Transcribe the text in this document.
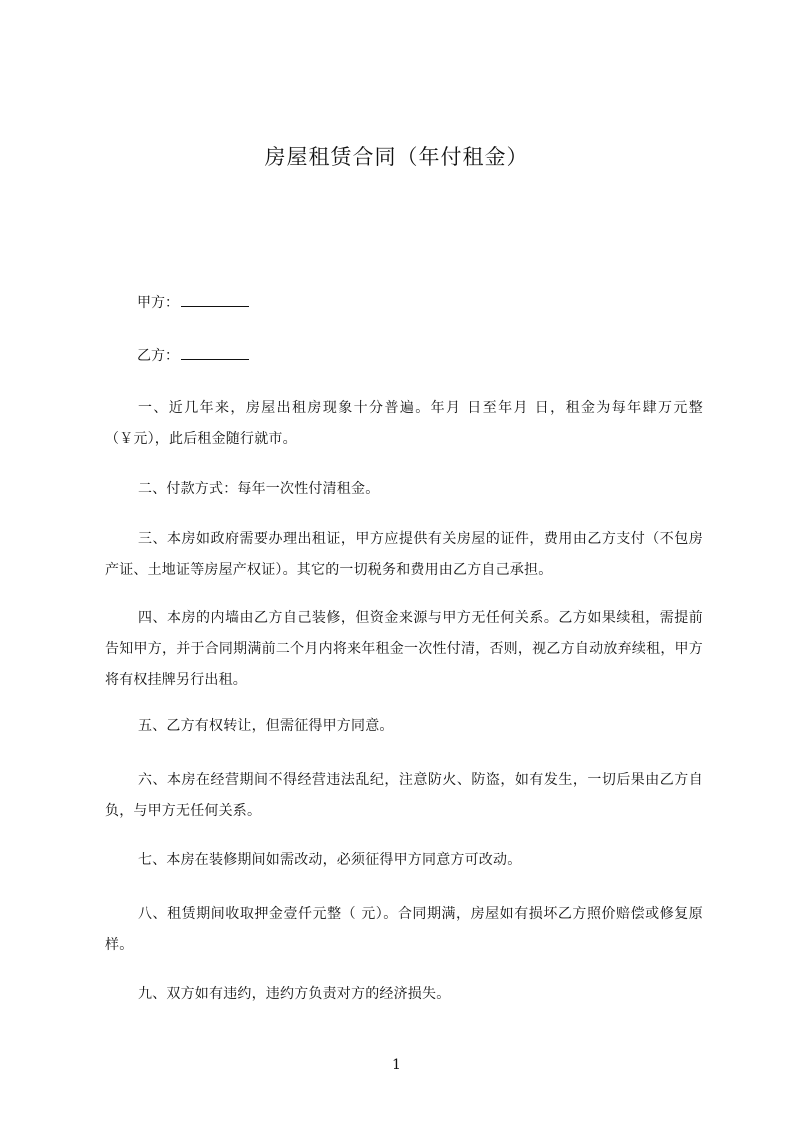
房屋租赁合同（年付租金）
甲方：
乙方：
一、近几年来，房屋出租房现象十分普遍。年月 日至年月 日，租金为每年肆万元整（￥元），此后租金随行就市。
二、付款方式：每年一次性付清租金。
三、本房如政府需要办理出租证，甲方应提供有关房屋的证件，费用由乙方支付（不包房产证、土地证等房屋产权证）。其它的一切税务和费用由乙方自己承担。
四、本房的内墙由乙方自己装修，但资金来源与甲方无任何关系。乙方如果续租，需提前告知甲方，并于合同期满前二个月内将来年租金一次性付清，否则，视乙方自动放弃续租，甲方将有权挂牌另行出租。
五、乙方有权转让，但需征得甲方同意。
六、本房在经营期间不得经营违法乱纪，注意防火、防盗，如有发生，一切后果由乙方自负，与甲方无任何关系。
七、本房在装修期间如需改动，必须征得甲方同意方可改动。
八、租赁期间收取押金壹仟元整（ 元）。合同期满，房屋如有损坏乙方照价赔偿或修复原样。
九、双方如有违约，违约方负责对方的经济损失。
1
